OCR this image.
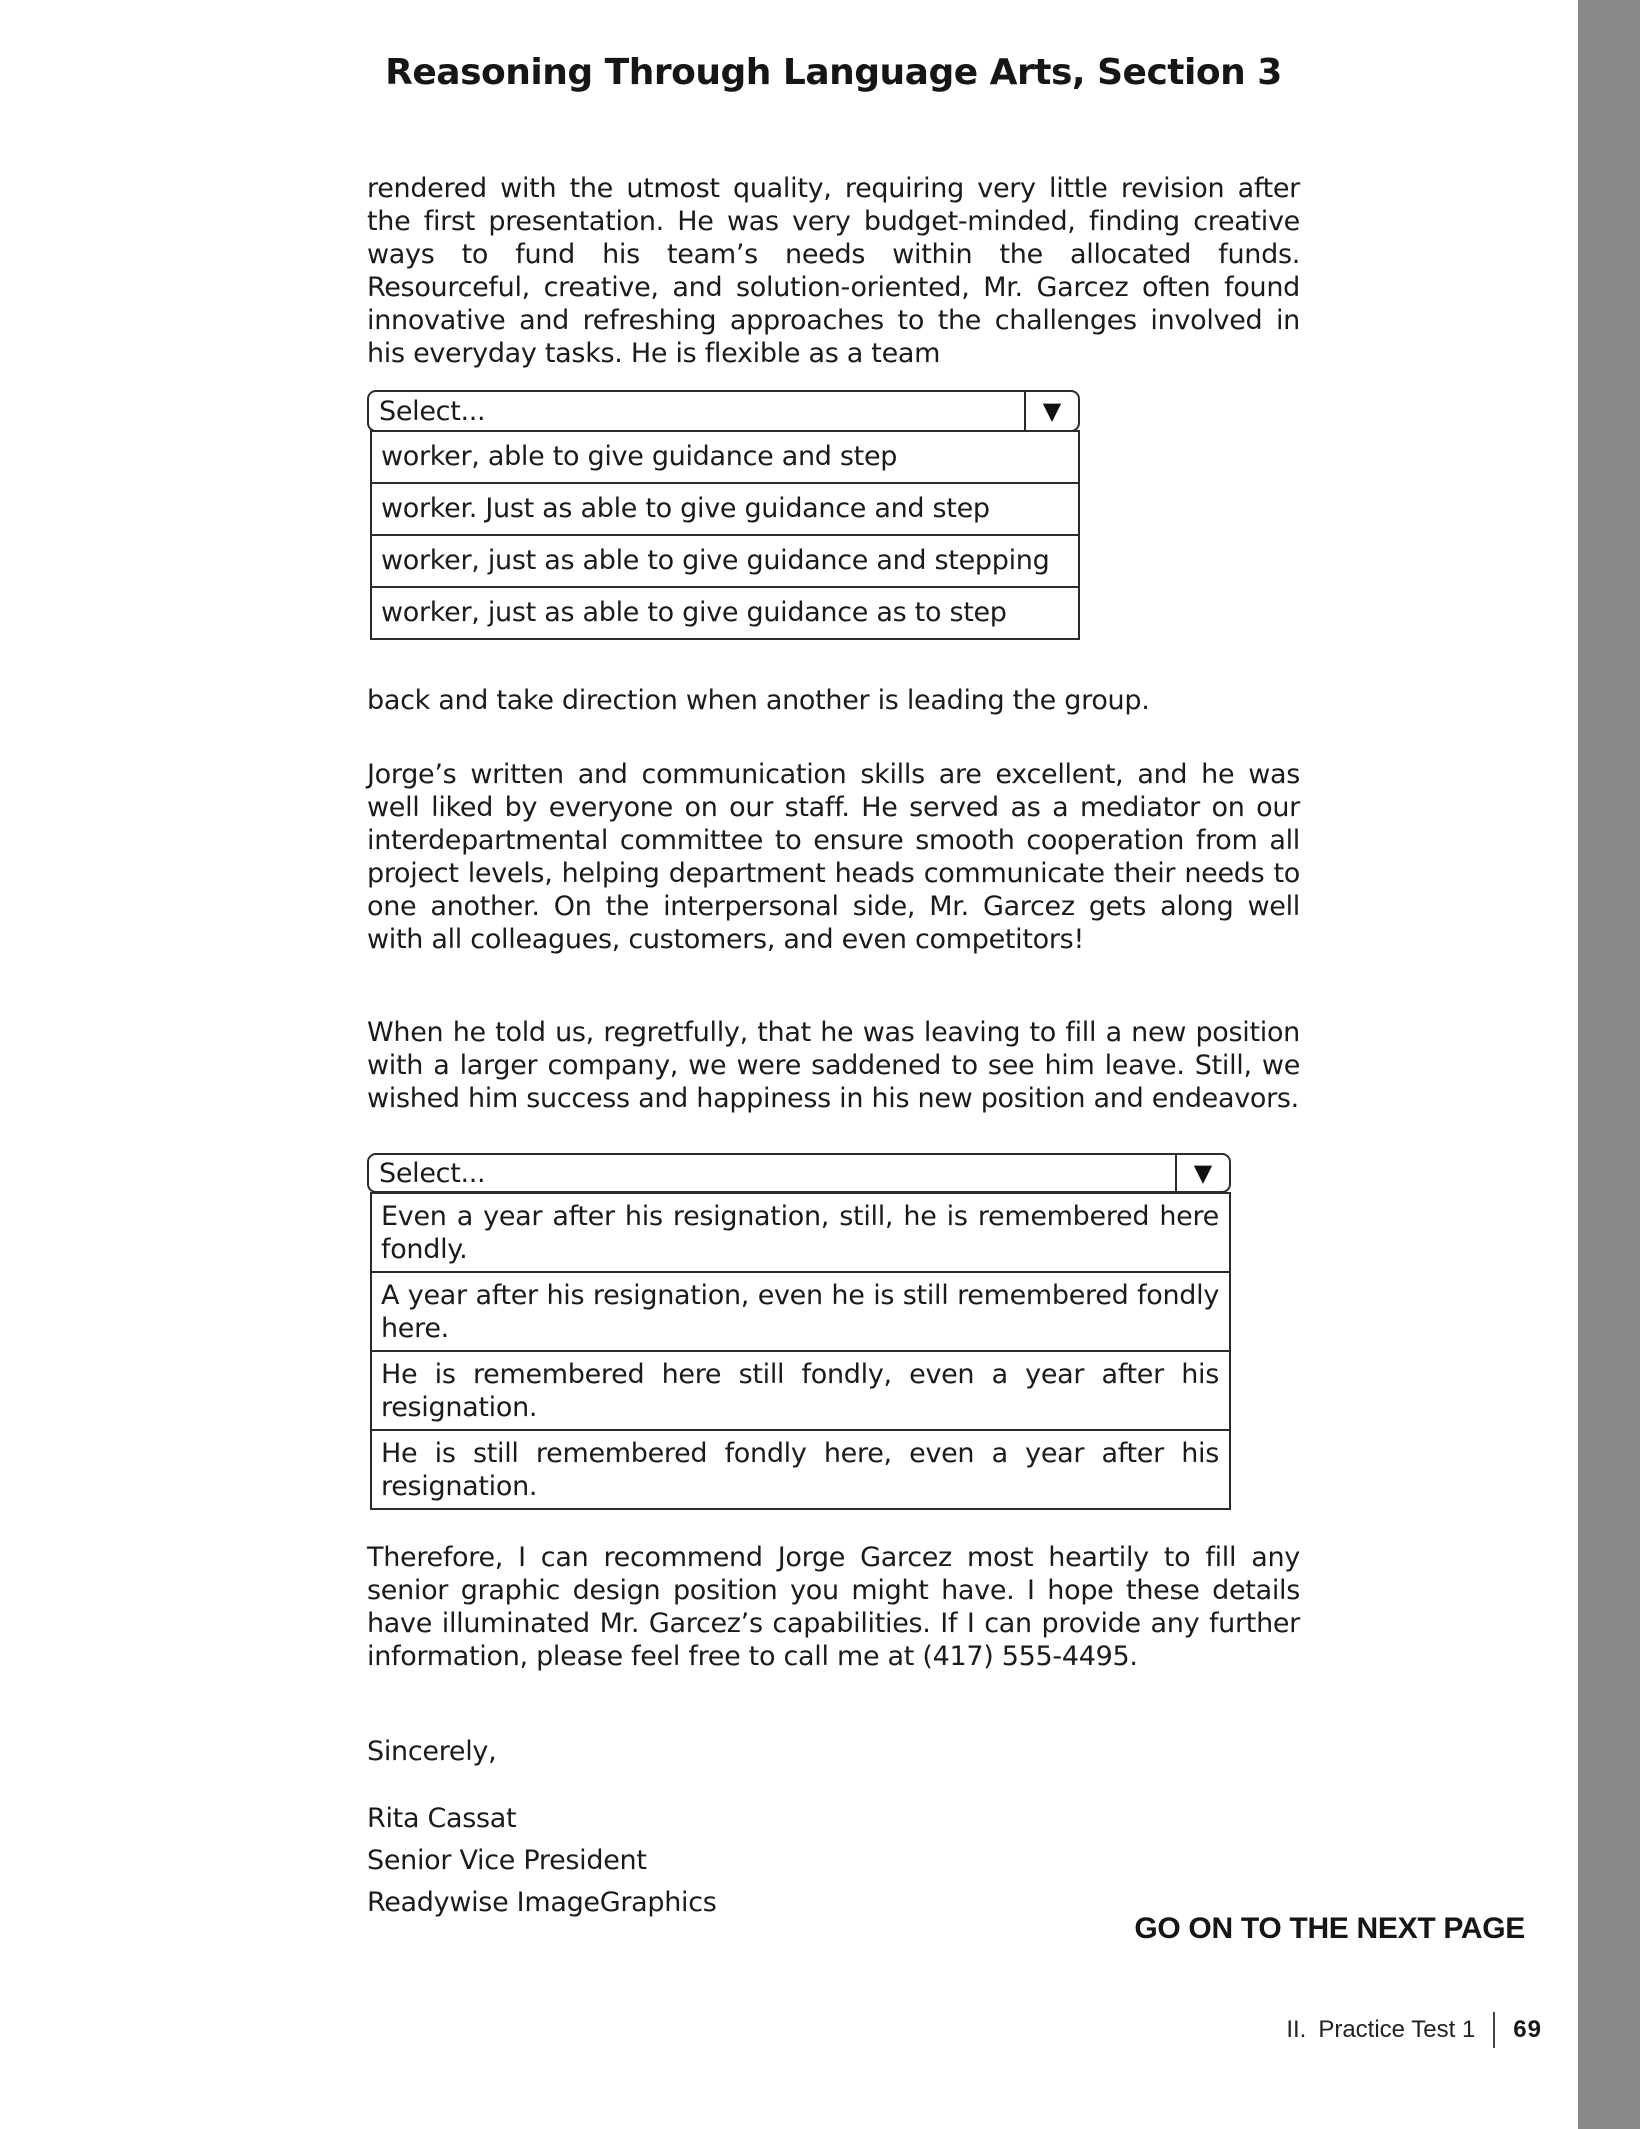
Reasoning Through Language Arts, Section 3

rendered with the utmost quality, requiring very little revision after the first presentation. He was very budget-minded, finding creative ways to fund his team’s needs within the allocated funds. Resourceful, creative, and solution-oriented, Mr. Garcez often found innovative and refreshing approaches to the challenges involved in his everyday tasks. He is flexible as a team

Select...	▼
worker, able to give guidance and step
worker. Just as able to give guidance and step
worker, just as able to give guidance and stepping
worker, just as able to give guidance as to step

back and take direction when another is leading the group.

Jorge’s written and communication skills are excellent, and he was well liked by everyone on our staff. He served as a mediator on our interdepartmental committee to ensure smooth cooperation from all project levels, helping department heads communicate their needs to one another. On the interpersonal side, Mr. Garcez gets along well with all colleagues, customers, and even competitors!

When he told us, regretfully, that he was leaving to fill a new position with a larger company, we were saddened to see him leave. Still, we wished him success and happiness in his new position and endeavors.

Select...	▼
Even a year after his resignation, still, he is remembered here fondly.
A year after his resignation, even he is still remembered fondly here.
He is remembered here still fondly, even a year after his resignation.
He is still remembered fondly here, even a year after his resignation.

Therefore, I can recommend Jorge Garcez most heartily to fill any senior graphic design position you might have. I hope these details have illuminated Mr. Garcez’s capabilities. If I can provide any further information, please feel free to call me at (417) 555-4495.

Sincerely,

Rita Cassat
Senior Vice President
Readywise ImageGraphics
GO ON TO THE NEXT PAGE
II. Practice Test 1 69
